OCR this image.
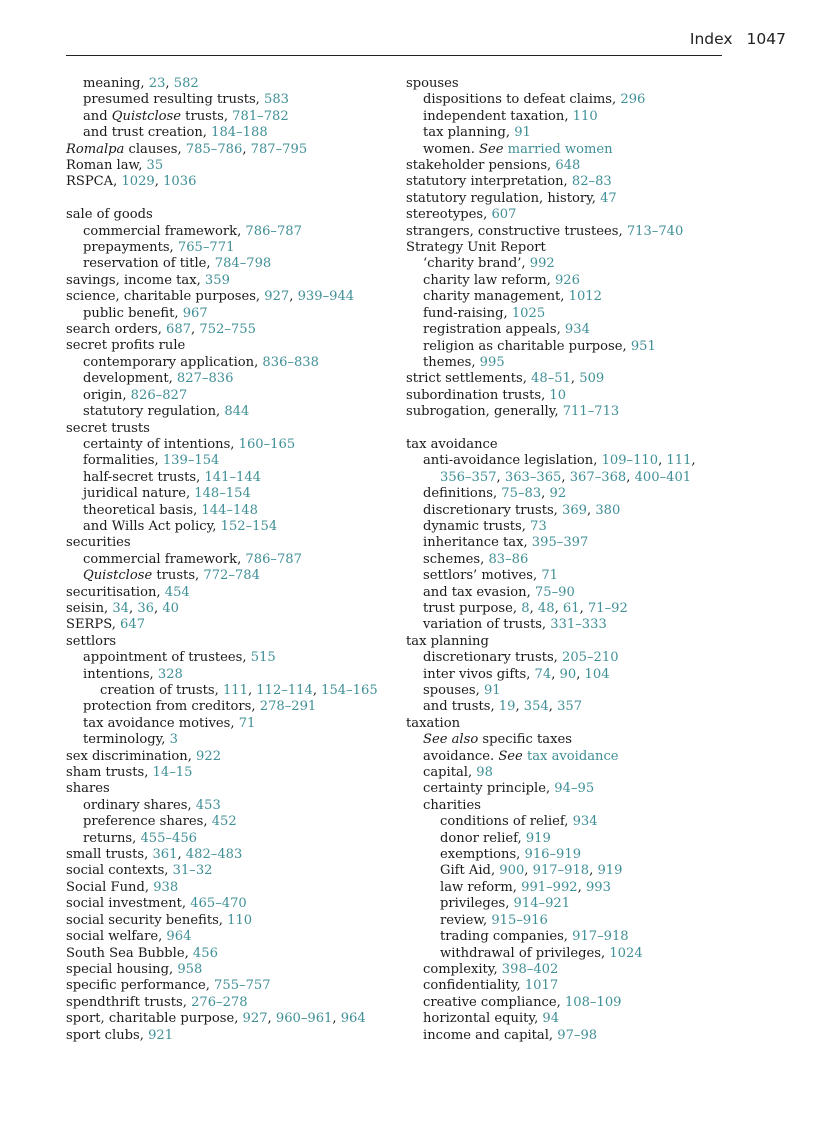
Index 1047
meaning, 23, 582
presumed resulting trusts, 583
and Quistclose trusts, 781–782
and trust creation, 184–188
Romalpa clauses, 785–786, 787–795
Roman law, 35
RSPCA, 1029, 1036
sale of goods
commercial framework, 786–787
prepayments, 765–771
reservation of title, 784–798
savings, income tax, 359
science, charitable purposes, 927, 939–944
public benefit, 967
search orders, 687, 752–755
secret profits rule
contemporary application, 836–838
development, 827–836
origin, 826–827
statutory regulation, 844
secret trusts
certainty of intentions, 160–165
formalities, 139–154
half-secret trusts, 141–144
juridical nature, 148–154
theoretical basis, 144–148
and Wills Act policy, 152–154
securities
commercial framework, 786–787
Quistclose trusts, 772–784
securitisation, 454
seisin, 34, 36, 40
SERPS, 647
settlors
appointment of trustees, 515
intentions, 328
creation of trusts, 111, 112–114, 154–165
protection from creditors, 278–291
tax avoidance motives, 71
terminology, 3
sex discrimination, 922
sham trusts, 14–15
shares
ordinary shares, 453
preference shares, 452
returns, 455–456
small trusts, 361, 482–483
social contexts, 31–32
Social Fund, 938
social investment, 465–470
social security benefits, 110
social welfare, 964
South Sea Bubble, 456
special housing, 958
specific performance, 755–757
spendthrift trusts, 276–278
sport, charitable purpose, 927, 960–961, 964
sport clubs, 921
spouses
dispositions to defeat claims, 296
independent taxation, 110
tax planning, 91
women. See married women
stakeholder pensions, 648
statutory interpretation, 82–83
statutory regulation, history, 47
stereotypes, 607
strangers, constructive trustees, 713–740
Strategy Unit Report
‘charity brand’, 992
charity law reform, 926
charity management, 1012
fund-raising, 1025
registration appeals, 934
religion as charitable purpose, 951
themes, 995
strict settlements, 48–51, 509
subordination trusts, 10
subrogation, generally, 711–713
tax avoidance
anti-avoidance legislation, 109–110, 111,
356–357, 363–365, 367–368, 400–401
definitions, 75–83, 92
discretionary trusts, 369, 380
dynamic trusts, 73
inheritance tax, 395–397
schemes, 83–86
settlors’ motives, 71
and tax evasion, 75–90
trust purpose, 8, 48, 61, 71–92
variation of trusts, 331–333
tax planning
discretionary trusts, 205–210
inter vivos gifts, 74, 90, 104
spouses, 91
and trusts, 19, 354, 357
taxation
See also specific taxes
avoidance. See tax avoidance
capital, 98
certainty principle, 94–95
charities
conditions of relief, 934
donor relief, 919
exemptions, 916–919
Gift Aid, 900, 917–918, 919
law reform, 991–992, 993
privileges, 914–921
review, 915–916
trading companies, 917–918
withdrawal of privileges, 1024
complexity, 398–402
confidentiality, 1017
creative compliance, 108–109
horizontal equity, 94
income and capital, 97–98
